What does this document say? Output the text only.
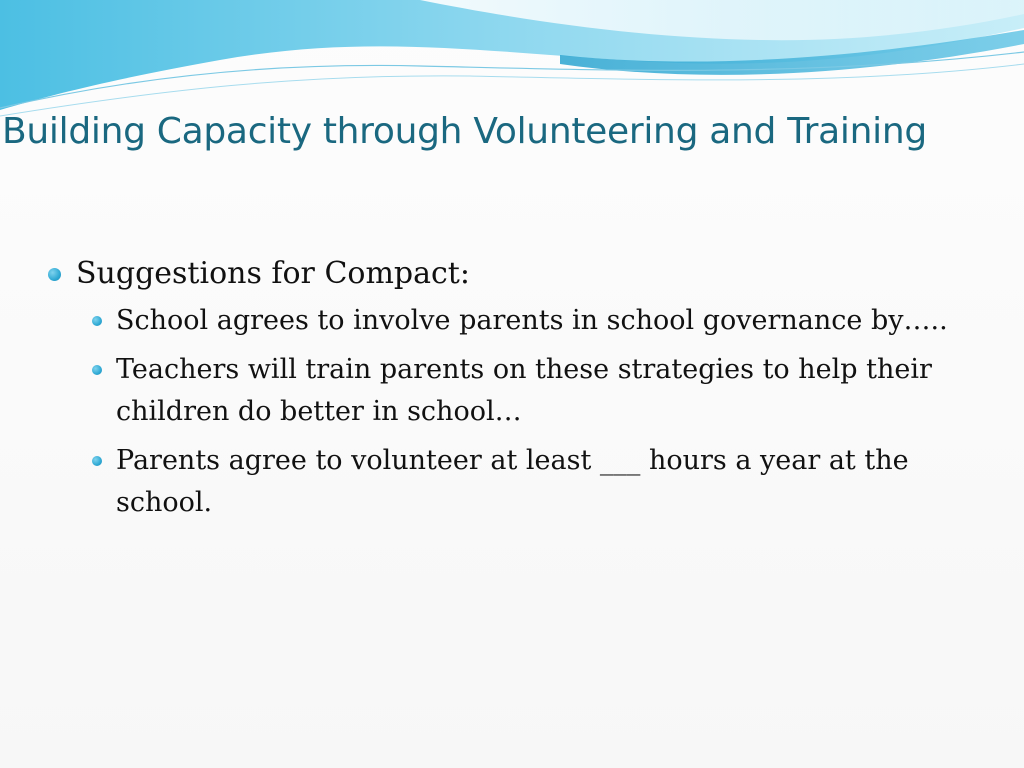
Building Capacity through Volunteering and Training
Suggestions for Compact:
School agrees to involve parents in school governance by…..
Teachers will train parents on these strategies to help their children do better in school…
Parents agree to volunteer at least ___ hours a year at the school.
